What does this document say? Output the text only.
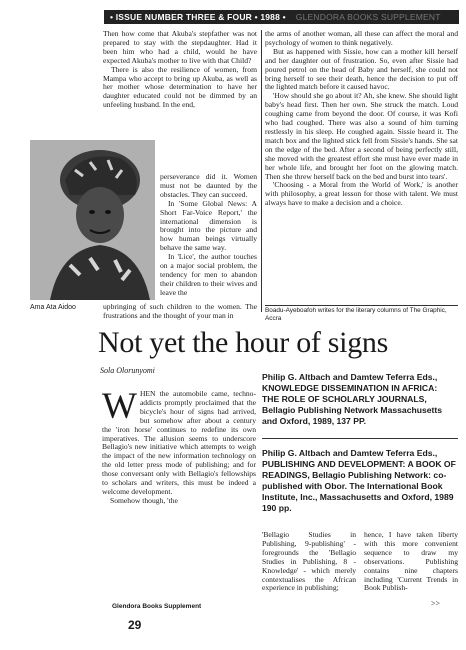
• ISSUE NUMBER THREE & FOUR • 1988 • GLENDORA BOOKS SUPPLEMENT

Then how come that Akuba's stepfather was not prepared to stay with the stepdaughter. Had it been him who had a child, would he have expected Akuba's mother to live with that Child?

There is also the resilience of women, from Mampa who accept to bring up Akuba, as well as her mother whose determination to have her daughter educated could not be dimmed by an unfeeling husband. In the end,

Ama Ata Aidoo

perseverance did it. Women must not be daunted by the obstacles. They can succeed.

In 'Some Global News: A Short Far-Voice Report,' the international dimension is brought into the picture and how human beings virtually behave the same way.

In 'Lice', the author touches on a major social problem, the tendency for men to abandon their children to their wives and leave the

upbringing of such children to the women. The frustrations and the thought of your man in

the arms of another woman, all these can affect the moral and psychology of women to think negatively.

But as happened with Sissie, how can a mother kill herself and her daughter out of frustration. So, even after Sissie had poured petrol on the head of Baby and herself, she could not bring herself to see their death, hence the decision to put off the lighted match before it caused havoc.

'How should she go about it? Ah, she knew. She should light baby's head first. Then her own. She struck the match. Loud coughing came from beyond the door. Of course, it was Kofi who had coughed. There was also a sound of him turning restlessly in his sleep. He coughed again. Sissie heard it. The match box and the lighted stick fell from Sissie's hands. She sat on the edge of the bed. After a second of being perfectly still, she moved with the greatest effort she must have ever made in her whole life, and brought her foot on the glowing match. Then she threw herself back on the bed and burst into tears'.

'Choosing - a Moral from the World of Work,' is another with philosophy, a great lesson for those with talent. We must always have to make a decision and a choice.

Boadu-Ayeboafoh writes for the literary columns of The Graphic, Accra
Not yet the hour of signs
Sola Olorunyomi
Philip G. Altbach and Damtew Teferra Eds., KNOWLEDGE DISSEMINATION IN AFRICA: THE ROLE OF SCHOLARLY JOURNALS, Bellagio Publishing Network Massachusetts and Oxford, 1989, 137 PP.
Philip G. Altbach and Damtew Teferra Eds., PUBLISHING AND DEVELOPMENT: A BOOK OF READINGS, Bellagio Publishing Network: co-published with Obor. The International Book Institute, Inc., Massachusetts and Oxford, 1989 190 pp.
WHEN the automobile came, techno-addicts promptly proclaimed that the bicycle's hour of signs had arrived, but somehow after about a century the 'iron horse' continues to redefine its own imperatives. The allusion seems to underscore Bellagio's new initiative which attempts to weigh the impact of the new information technology on the old letter press mode of publishing; and for those conversant only with Bellagio's fellowships to scholars and writers, this must be indeed a welcome development.

Somehow though, 'the

'Bellagio Studies in Publishing, 9-publishing' -foregrounds the 'Bellagio Studies in Publishing, 8 -Knowledge' - which merely contextualises the African experience in publishing;

hence, I have taken liberty with this more convenient sequence to draw my observations. Publishing contains nine chapters including 'Current Trends in Book Publish-

>>
Glendora Books Supplement
29
